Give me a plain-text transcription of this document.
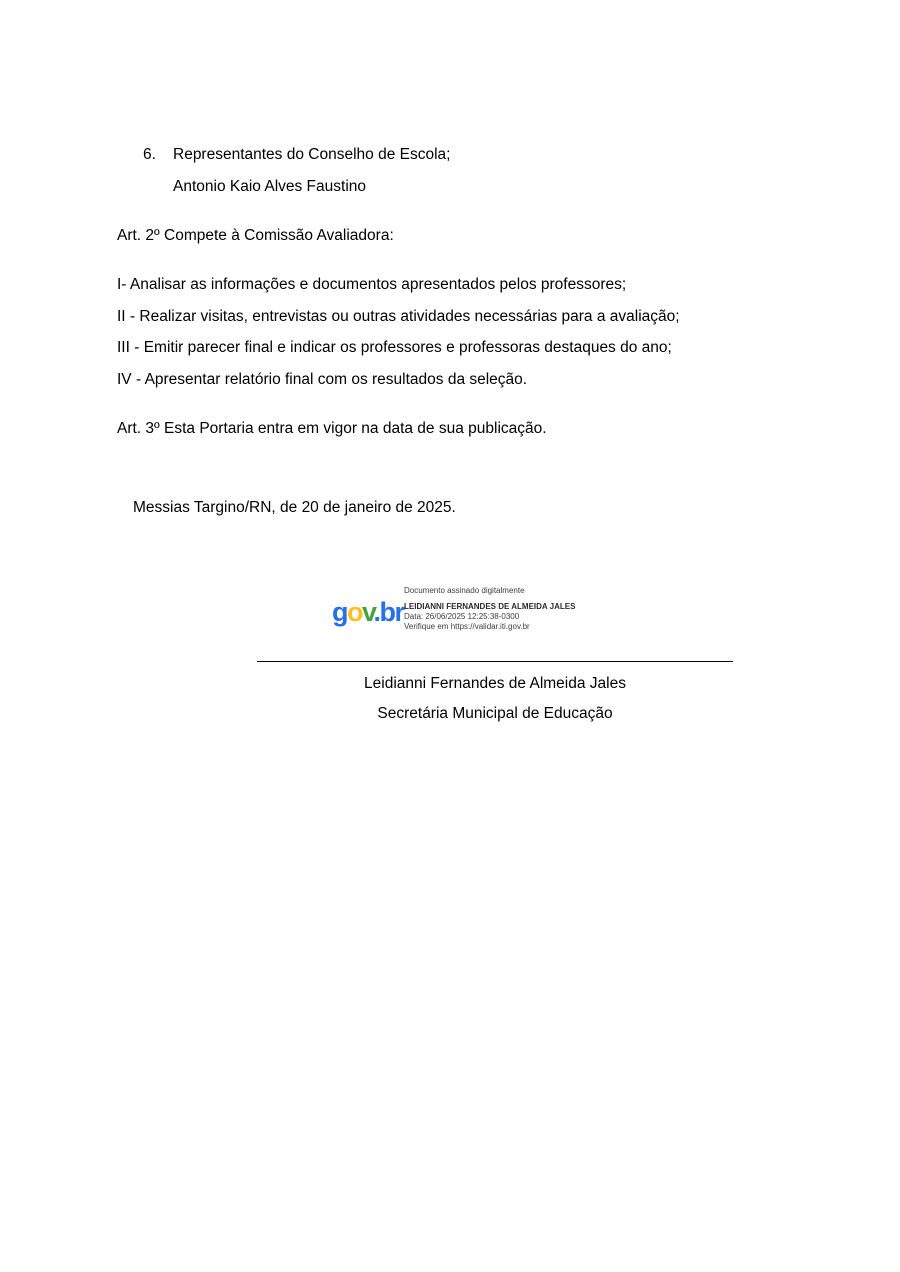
6. Representantes do Conselho de Escola;
Antonio Kaio Alves Faustino
Art. 2º Compete à Comissão Avaliadora:
I- Analisar as informações e documentos apresentados pelos professores;
II - Realizar visitas, entrevistas ou outras atividades necessárias para a avaliação;
III - Emitir parecer final e indicar os professores e professoras destaques do ano;
IV - Apresentar relatório final com os resultados da seleção.
Art. 3º Esta Portaria entra em vigor na data de sua publicação.
Messias Targino/RN, de 20 de janeiro de 2025.
gov.br
Documento assinado digitalmente
LEIDIANNI FERNANDES DE ALMEIDA JALES
Data: 26/06/2025 12:25:38-0300
Verifique em https://validar.iti.gov.br
Leidianni Fernandes de Almeida Jales
Secretária Municipal de Educação
